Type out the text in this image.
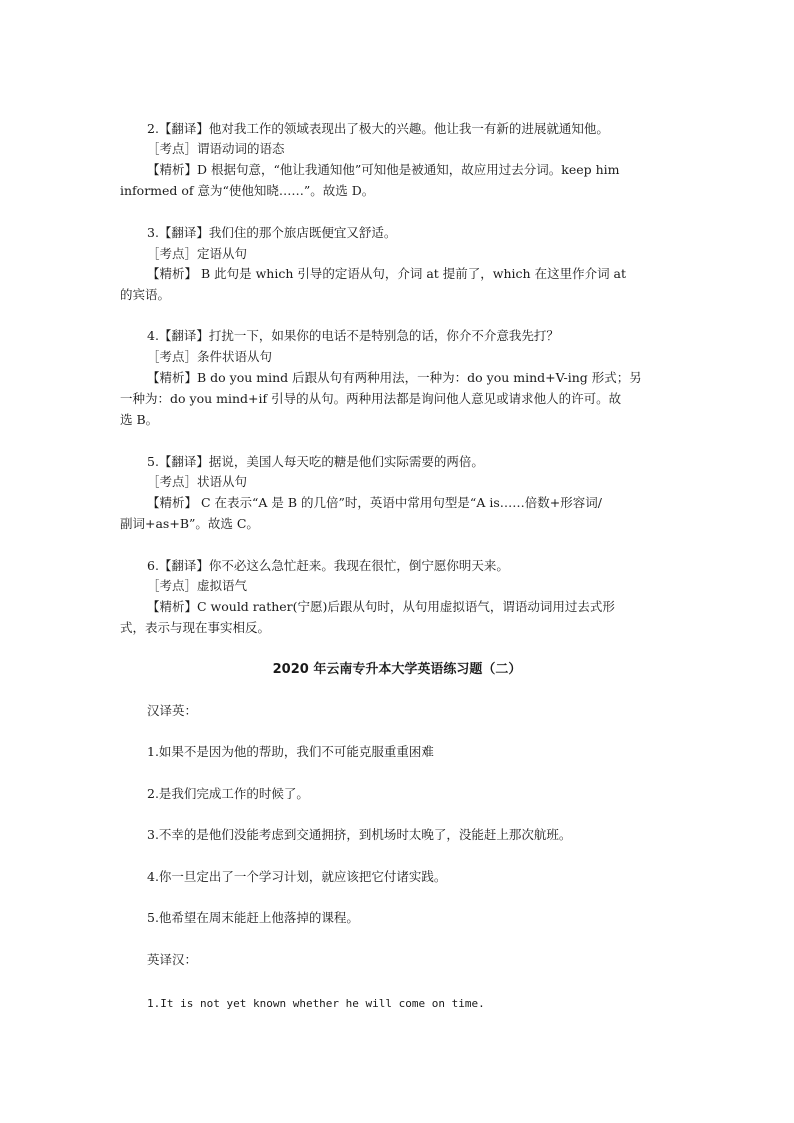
2.【翻译】他对我工作的领域表现出了极大的兴趣。他让我一有新的进展就通知他。
［考点］谓语动词的语态
【精析】D 根据句意，“他让我通知他”可知他是被通知，故应用过去分词。keep him
informed of 意为“使他知晓……”。故选 D。
3.【翻译】我们住的那个旅店既便宜又舒适。
［考点］定语从句
【精析】 B 此句是 which 引导的定语从句，介词 at 提前了，which 在这里作介词 at
的宾语。
4.【翻译】打扰一下，如果你的电话不是特别急的话，你介不介意我先打？
［考点］条件状语从句
【精析】B do you mind 后跟从句有两种用法，一种为：do you mind+V-ing 形式；另
一种为：do you mind+if 引导的从句。两种用法都是询问他人意见或请求他人的许可。故
选 B。
5.【翻译】据说，美国人每天吃的糖是他们实际需要的两倍。
［考点］状语从句
【精析】 C 在表示“A 是 B 的几倍”时，英语中常用句型是“A is……倍数+形容词/
副词+as+B”。故选 C。
6.【翻译】你不必这么急忙赶来。我现在很忙，倒宁愿你明天来。
［考点］虚拟语气
【精析】C would rather(宁愿)后跟从句时，从句用虚拟语气，谓语动词用过去式形
式，表示与现在事实相反。
2020 年云南专升本大学英语练习题（二）
汉译英：
1.如果不是因为他的帮助，我们不可能克服重重困难
2.是我们完成工作的时候了。
3.不幸的是他们没能考虑到交通拥挤，到机场时太晚了，没能赶上那次航班。
4.你一旦定出了一个学习计划，就应该把它付诸实践。
5.他希望在周末能赶上他落掉的课程。
英译汉：
1.It is not yet known whether he will come on time.
